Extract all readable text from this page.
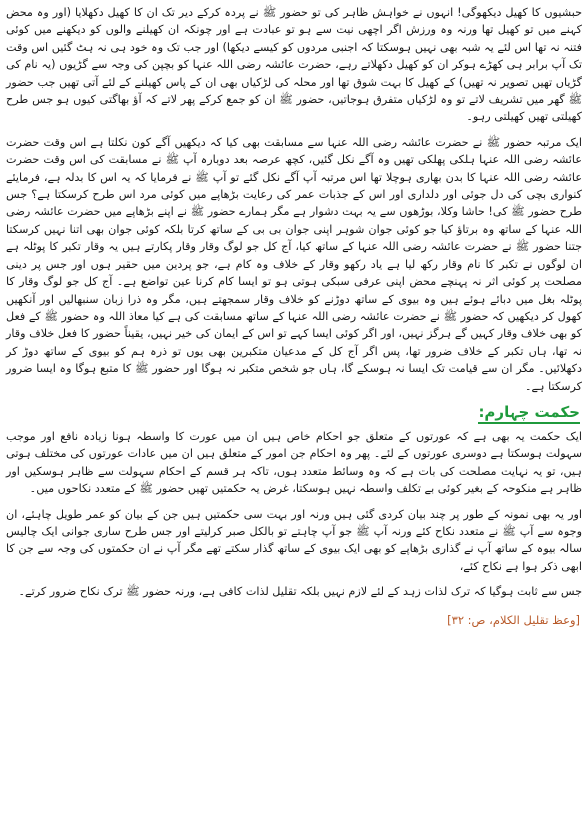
حبشیوں کا کھیل دیکھوگی! انہوں نے خواہش ظاہر کی تو حضور ﷺ نے پردہ کرکے دیر تک ان کا کھیل دکھلایا (اور وہ محض کہنے میں تو کھیل تھا ورنہ وہ ورزش اگر اچھی نیت سے ہو تو عبادت ہے اور چونکہ ان کھیلنے والوں کو دیکھنے میں کوئی فتنہ نہ تھا اس لئے یہ شبہ بھی نہیں ہوسکتا کہ اجنبی مردوں کو کیسے دیکھا) اور جب تک وہ خود ہی نہ ہٹ گئیں اس وقت تک آپ برابر ہی کھڑے ہوکر ان کو کھیل دکھلاتے رہے، حضرت عائشہ رضی اللہ عنہا کو بچپن کی وجہ سے گڑیوں (یہ نام کی گڑیاں تھیں تصویر نہ تھیں) کے کھیل کا بہت شوق تھا اور محلہ کی لڑکیاں بھی ان کے پاس کھیلنے کے لئے آتی تھیں جب حضور ﷺ گھر میں تشریف لاتے تو وہ لڑکیاں متفرق ہوجاتیں، حضور ﷺ ان کو جمع کرکے پھر لاتے کہ آؤ بھاگتی کیوں ہو جس طرح کھیلتی تھیں کھیلتی رہو۔

ایک مرتبہ حضور ﷺ نے حضرت عائشہ رضی اللہ عنہا سے مسابقت بھی کیا کہ دیکھیں آگے کون نکلتا ہے اس وقت حضرت عائشہ رضی اللہ عنہا ہلکی پھلکی تھیں وہ آگے نکل گئیں، کچھ عرصہ بعد دوبارہ آپ ﷺ نے مسابقت کی اس وقت حضرت عائشہ رضی اللہ عنہا کا بدن بھاری ہوچلا تھا اس مرتبہ آپ آگے نکل گئے تو آپ ﷺ نے فرمایا کہ یہ اس کا بدلہ ہے، فرمایئے کنواری بچی کی دل جوئی اور دلداری اور اس کے جذبات عمر کی رعایت بڑھاپے میں کوئی مرد اس طرح کرسکتا ہے؟ جس طرح حضور ﷺ کی! حاشا وکلا، بوڑھوں سے یہ بہت دشوار ہے مگر ہمارے حضور ﷺ نے اپنے بڑھاپے میں حضرت عائشہ رضی اللہ عنہا کے ساتھ وہ برتاؤ کیا جو کوئی جوان شوہر اپنی جوان بی بی کے ساتھ کرتا بلکہ کوئی جوان بھی اتنا نہیں کرسکتا جتنا حضور ﷺ نے حضرت عائشہ رضی اللہ عنہا کے ساتھ کیا، آج کل جو لوگ وقار وقار پکارتے ہیں یہ وقار تکبر کا پوٹلہ ہے ان لوگوں نے تکبر کا نام وقار رکھ لیا ہے یاد رکھو وقار کے خلاف وہ کام ہے، جو پردین میں حقیر ہوں اور جس پر دینی مصلحت پر کوئی اثر نہ پہنچے محض اپنی عرفی سبکی ہوتی ہو تو ایسا کام کرنا عین تواضع ہے۔ آج کل جو لوگ وقار کا پوٹلہ بغل میں دبائے ہوئے ہیں وہ بیوی کے ساتھ دوڑنے کو خلاف وقار سمجھتے ہیں، مگر وہ ذرا زبان سنبھالیں اور آنکھیں کھول کر دیکھیں کہ حضور ﷺ نے حضرت عائشہ رضی اللہ عنہا کے ساتھ مسابقت کی ہے کیا معاذ اللہ وہ حضور ﷺ کے فعل کو بھی خلاف وقار کہیں گے ہرگز نہیں، اور اگر کوئی ایسا کہے تو اس کے ایمان کی خیر نہیں، یقیناً حضور کا فعل خلاف وقار نہ تھا، ہاں تکبر کے خلاف ضرور تھا، پس اگر آج کل کے مدعیان متکبرین بھی یوں تو ذرہ ہم کو بیوی کے ساتھ دوڑ کر دکھلائیں۔ مگر ان سے قیامت تک ایسا نہ ہوسکے گا، ہاں جو شخص متکبر نہ ہوگا اور حضور ﷺ کا متبع ہوگا وہ ایسا ضرور کرسکتا ہے۔

حکمت چہارم:

ایک حکمت یہ بھی ہے کہ عورتوں کے متعلق جو احکام خاص ہیں ان میں عورت کا واسطہ ہونا زیادہ نافع اور موجب سہولت ہوسکتا ہے دوسری عورتوں کے لئے۔ پھر وہ احکام جن امور کے متعلق ہیں ان میں عادات عورتوں کی مختلف ہوتی ہیں، تو یہ نہایت مصلحت کی بات ہے کہ وہ وسائط متعدد ہوں، تاکہ ہر قسم کے احکام سہولت سے ظاہر ہوسکیں اور ظاہر ہے منکوحہ کے بغیر کوئی بے تکلف واسطہ نہیں ہوسکتا، غرض یہ حکمتیں تھیں حضور ﷺ کے متعدد نکاحوں میں۔

اور یہ بھی نمونہ کے طور پر چند بیان کردی گئی ہیں ورنہ اور بہت سی حکمتیں ہیں جن کے بیان کو عمر طویل چاہئے، ان وجوہ سے آپ ﷺ نے متعدد نکاح کئے ورنہ آپ ﷺ جو آپ چاہتے تو بالکل صبر کرلیتے اور جس طرح ساری جوانی ایک چالیس سالہ بیوہ کے ساتھ آپ نے گذاری بڑھاپے کو بھی ایک بیوی کے ساتھ گذار سکتے تھے مگر آپ نے ان حکمتوں کی وجہ سے جن کا ابھی ذکر ہوا ہے نکاح کئے،

جس سے ثابت ہوگیا کہ ترک لذات زہد کے لئے لازم نہیں بلکہ تقلیل لذات کافی ہے، ورنہ حضور ﷺ ترک نکاح ضرور کرتے۔

[وعظ تقلیل الکلام، ص: ۳۲]
